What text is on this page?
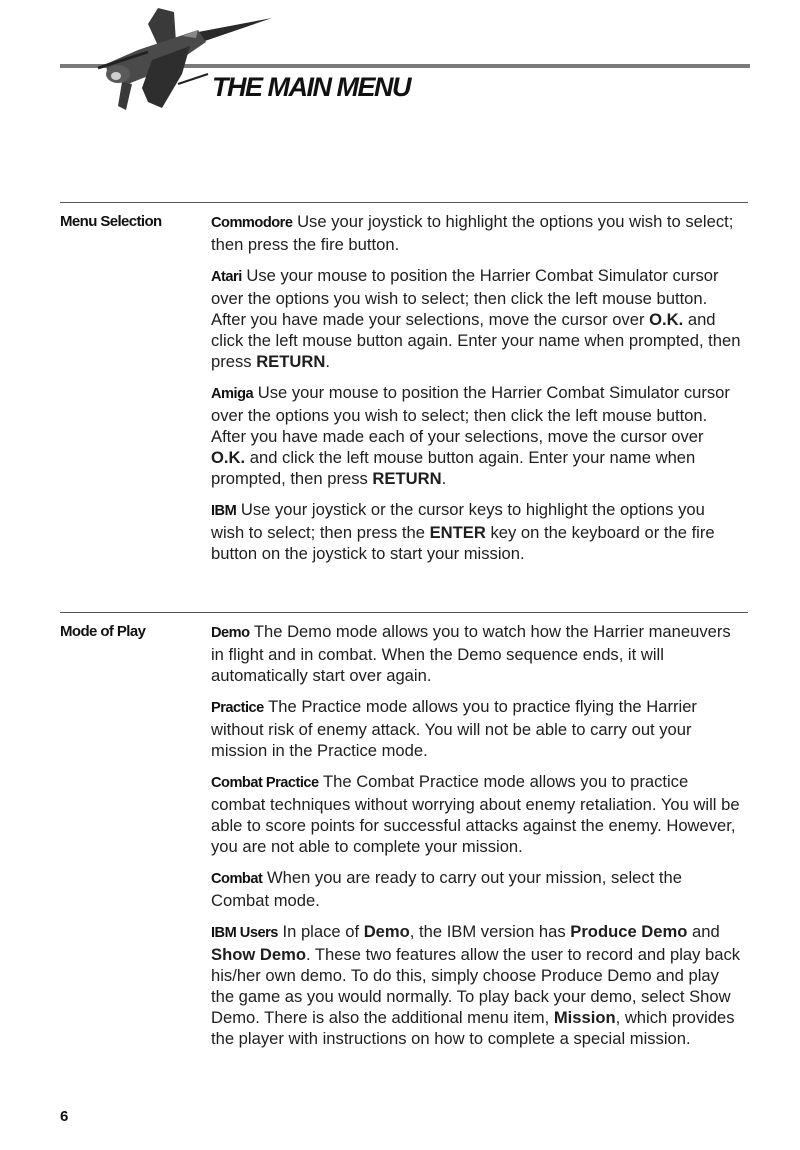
THE MAIN MENU
Menu Selection	Commodore Use your joystick to highlight the options you wish to select; then press the fire button.

Atari Use your mouse to position the Harrier Combat Simulator cursor over the options you wish to select; then click the left mouse button. After you have made your selections, move the cursor over O.K. and click the left mouse button again. Enter your name when prompted, then press RETURN.

Amiga Use your mouse to position the Harrier Combat Simulator cursor over the options you wish to select; then click the left mouse button. After you have made each of your selections, move the cursor over O.K. and click the left mouse button again. Enter your name when prompted, then press RETURN.

IBM Use your joystick or the cursor keys to highlight the options you wish to select; then press the ENTER key on the keyboard or the fire button on the joystick to start your mission.

Mode of Play	Demo The Demo mode allows you to watch how the Harrier maneuvers in flight and in combat. When the Demo sequence ends, it will automatically start over again.

Practice The Practice mode allows you to practice flying the Harrier without risk of enemy attack. You will not be able to carry out your mission in the Practice mode.

Combat Practice The Combat Practice mode allows you to practice combat techniques without worrying about enemy retaliation. You will be able to score points for successful attacks against the enemy. However, you are not able to complete your mission.

Combat When you are ready to carry out your mission, select the Combat mode.

IBM Users In place of Demo, the IBM version has Produce Demo and Show Demo. These two features allow the user to record and play back his/her own demo. To do this, simply choose Produce Demo and play the game as you would normally. To play back your demo, select Show Demo. There is also the additional menu item, Mission, which provides the player with instructions on how to complete a special mission.

6
